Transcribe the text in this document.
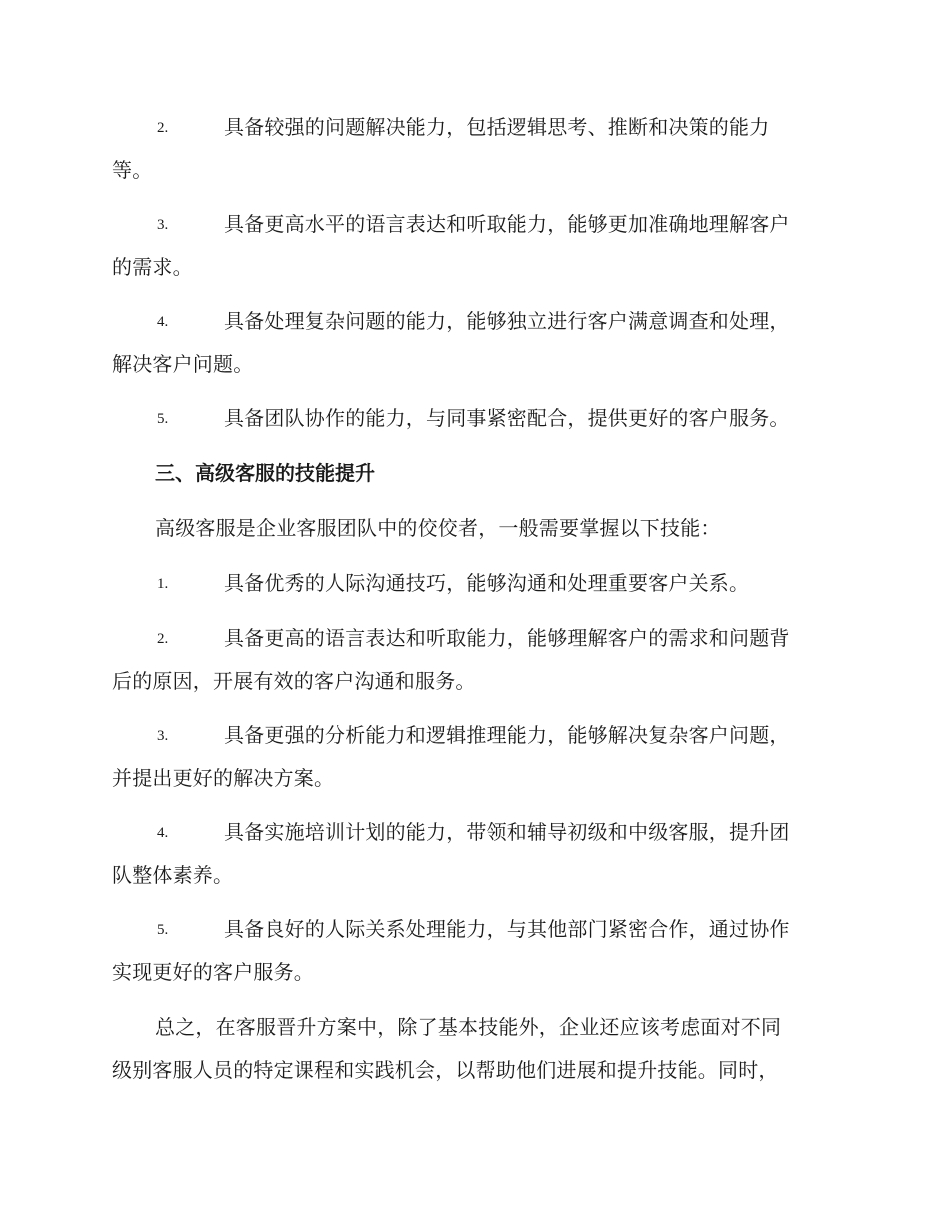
2.	具备较强的问题解决能力，包括逻辑思考、推断和决策的能力
等。
3.	具备更高水平的语言表达和听取能力，能够更加准确地理解客户
的需求。
4.	具备处理复杂问题的能力，能够独立进行客户满意调查和处理，
解决客户问题。
5.	具备团队协作的能力，与同事紧密配合，提供更好的客户服务。
三、高级客服的技能提升
高级客服是企业客服团队中的佼佼者，一般需要掌握以下技能：
1.	具备优秀的人际沟通技巧，能够沟通和处理重要客户关系。
2.	具备更高的语言表达和听取能力，能够理解客户的需求和问题背
后的原因，开展有效的客户沟通和服务。
3.	具备更强的分析能力和逻辑推理能力，能够解决复杂客户问题，
并提出更好的解决方案。
4.	具备实施培训计划的能力，带领和辅导初级和中级客服，提升团
队整体素养。
5.	具备良好的人际关系处理能力，与其他部门紧密合作，通过协作
实现更好的客户服务。
总之，在客服晋升方案中，除了基本技能外，企业还应该考虑面对不同
级别客服人员的特定课程和实践机会，以帮助他们进展和提升技能。同时，
